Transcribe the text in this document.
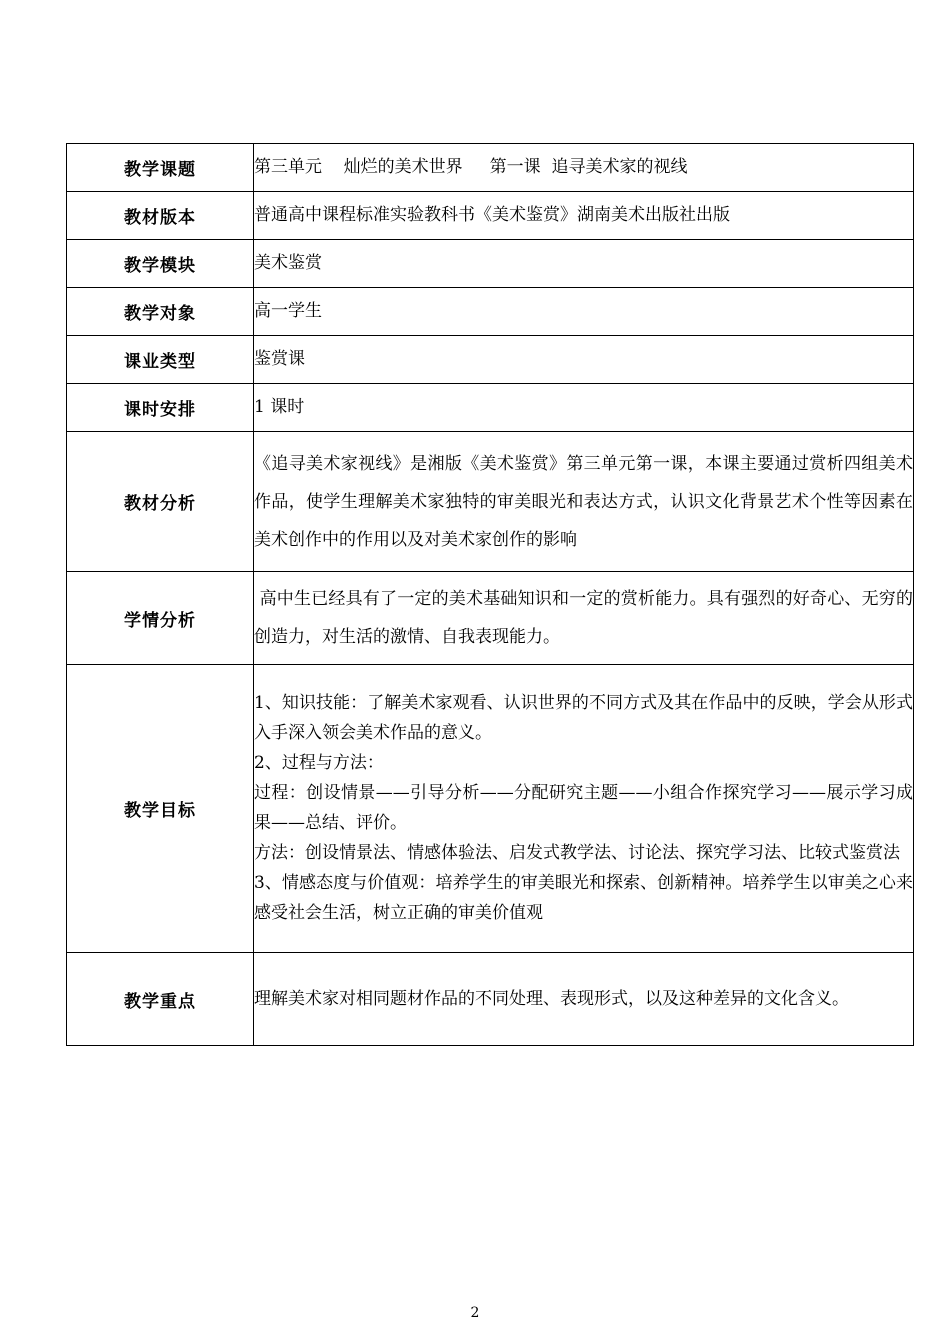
教学课题	第三单元    灿烂的美术世界     第一课  追寻美术家的视线
教材版本	普通高中课程标准实验教科书《美术鉴赏》湖南美术出版社出版
教学模块	美术鉴赏
教学对象	高一学生
课业类型	鉴赏课
课时安排	1 课时
教材分析	《追寻美术家视线》是湘版《美术鉴赏》第三单元第一课，本课主要通过赏析四组美术作品，使学生理解美术家独特的审美眼光和表达方式，认识文化背景艺术个性等因素在美术创作中的作用以及对美术家创作的影响
学情分析	高中生已经具有了一定的美术基础知识和一定的赏析能力。具有强烈的好奇心、无穷的创造力，对生活的激情、自我表现能力。
教学目标	1、知识技能：了解美术家观看、认识世界的不同方式及其在作品中的反映，学会从形式入手深入领会美术作品的意义。
2、过程与方法：
过程：创设情景——引导分析——分配研究主题——小组合作探究学习——展示学习成果——总结、评价。
方法：创设情景法、情感体验法、启发式教学法、讨论法、探究学习法、比较式鉴赏法
3、情感态度与价值观：培养学生的审美眼光和探索、创新精神。培养学生以审美之心来感受社会生活，树立正确的审美价值观

教学重点	理解美术家对相同题材作品的不同处理、表现形式，以及这种差异的文化含义。
2
